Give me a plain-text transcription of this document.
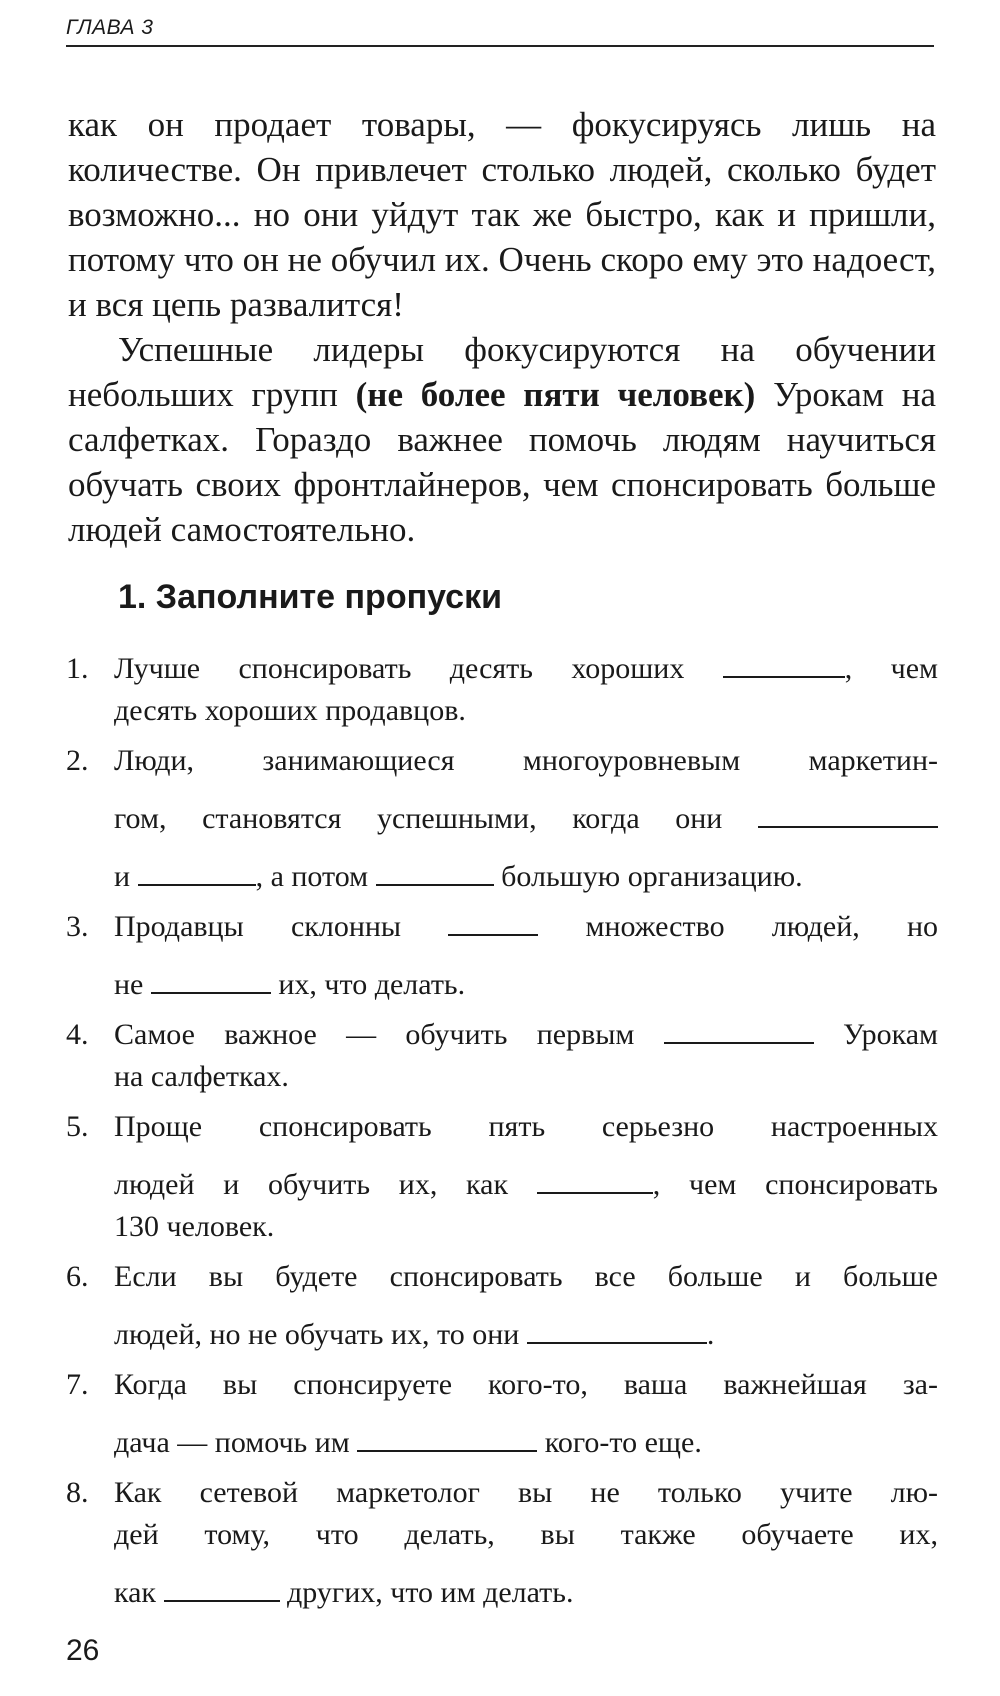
ГЛАВА 3

как он продает товары, — фокусируясь лишь на количестве. Он привлечет столько людей, сколько будет возможно... но они уйдут так же быстро, как и пришли, потому что он не обучил их. Очень скоро ему это надоест, и вся цепь развалится!

Успешные лидеры фокусируются на обучении небольших групп (не более пяти человек) Урокам на салфетках. Гораздо важнее помочь людям научиться обучать своих фронтлайнеров, чем спонсировать больше людей самостоятельно.

1. Заполните пропуски
1. Лучше спонсировать десять хороших	, чем
десять хороших продавцов.
2. Люди, занимающиеся многоуровневым маркетин-
гом, становятся успешными, когда они
и	, а потом	большую организацию.
3. Продавцы склонны	множество людей, но
не	их, что делать.
4. Самое важное — обучить первым	Урокам
на салфетках.
5. Проще спонсировать пять серьезно настроенных
людей и обучить их, как	, чем спонсировать
130 человек.
6. Если вы будете спонсировать все больше и больше
людей, но не обучать их, то они	.
7. Когда вы спонсируете кого-то, ваша важнейшая за-
дача — помочь им	кого-то еще.
8. Как сетевой маркетолог вы не только учите лю-
дей тому, что делать, вы также обучаете их,
как	других, что им делать.
26
